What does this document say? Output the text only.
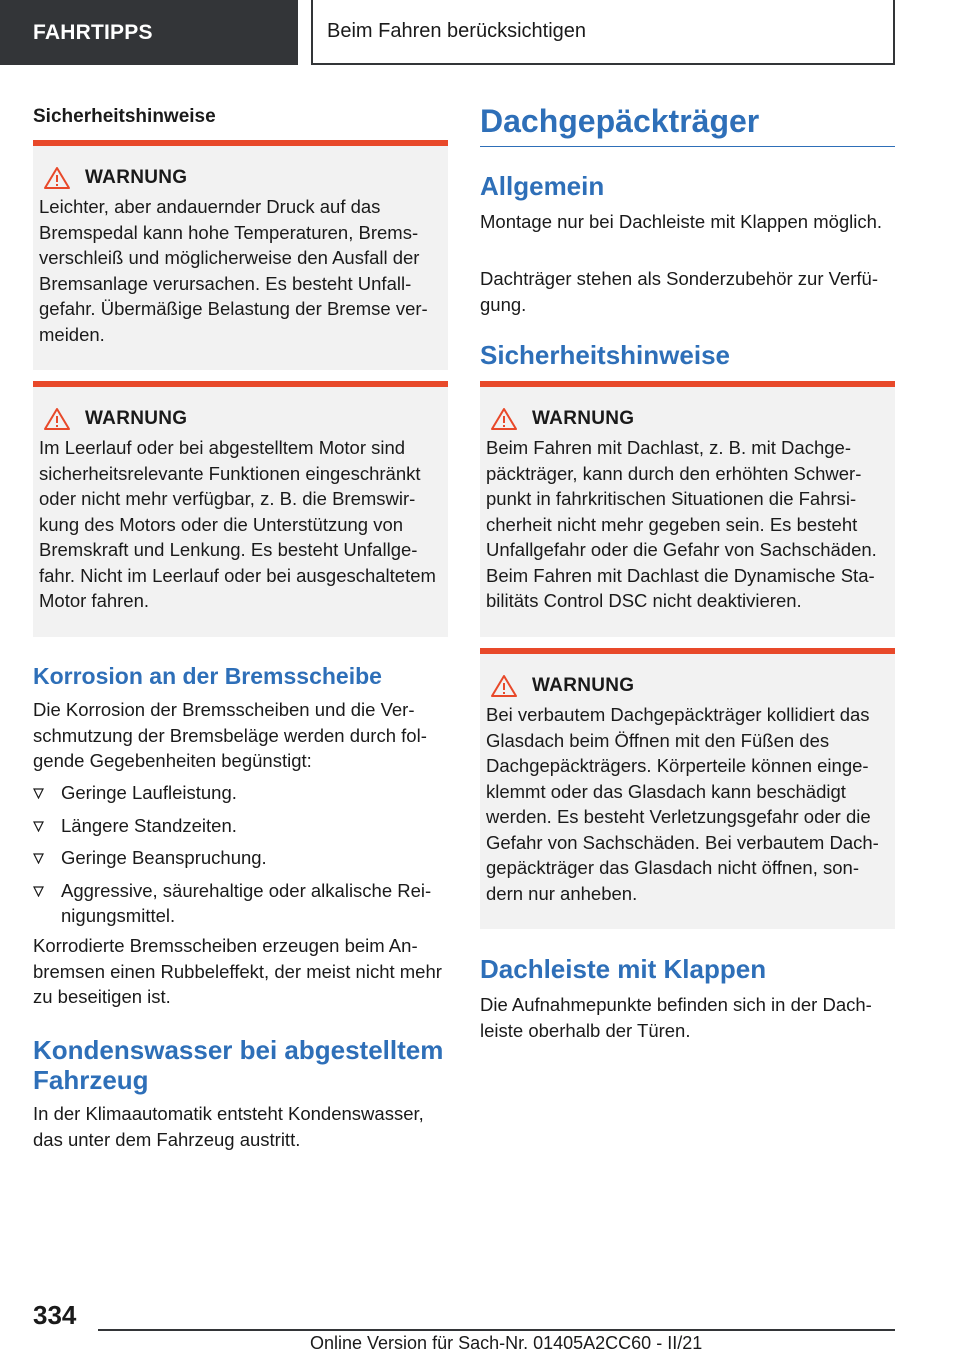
FAHRTIPPS	Beim Fahren berücksichtigen
Sicherheitshinweise
WARNUNG
Leichter, aber andauernder Druck auf das Bremspedal kann hohe Temperaturen, Bremsverschleiß und möglicherweise den Ausfall der Bremsanlage verursachen. Es besteht Unfallgefahr. Übermäßige Belastung der Bremse vermeiden.
WARNUNG
Im Leerlauf oder bei abgestelltem Motor sind sicherheitsrelevante Funktionen eingeschränkt oder nicht mehr verfügbar, z. B. die Bremswirkung des Motors oder die Unterstützung von Bremskraft und Lenkung. Es besteht Unfallgefahr. Nicht im Leerlauf oder bei ausgeschaltetem Motor fahren.
Korrosion an der Bremsscheibe
Die Korrosion der Bremsscheiben und die Verschmutzung der Bremsbeläge werden durch folgende Gegebenheiten begünstigt:
Geringe Laufleistung.
Längere Standzeiten.
Geringe Beanspruchung.
Aggressive, säurehaltige oder alkalische Reinigungsmittel.
Korrodierte Bremsscheiben erzeugen beim Anbremsen einen Rubbeleffekt, der meist nicht mehr zu beseitigen ist.
Kondenswasser bei abgestelltem Fahrzeug
In der Klimaautomatik entsteht Kondenswasser, das unter dem Fahrzeug austritt.
Dachgepäckträger
Allgemein
Montage nur bei Dachleiste mit Klappen möglich.
Dachträger stehen als Sonderzubehör zur Verfügung.
Sicherheitshinweise
WARNUNG
Beim Fahren mit Dachlast, z. B. mit Dachgepäckträger, kann durch den erhöhten Schwerpunkt in fahrkritischen Situationen die Fahrsicherheit nicht mehr gegeben sein. Es besteht Unfallgefahr oder die Gefahr von Sachschäden. Beim Fahren mit Dachlast die Dynamische Stabilitäts Control DSC nicht deaktivieren.
WARNUNG
Bei verbautem Dachgepäckträger kollidiert das Glasdach beim Öffnen mit den Füßen des Dachgepäckträgers. Körperteile können eingeklemmt oder das Glasdach kann beschädigt werden. Es besteht Verletzungsgefahr oder die Gefahr von Sachschäden. Bei verbautem Dachgepäckträger das Glasdach nicht öffnen, sondern nur anheben.
Dachleiste mit Klappen
Die Aufnahmepunkte befinden sich in der Dachleiste oberhalb der Türen.
334
Online Version für Sach-Nr. 01405A2CC60 - II/21
